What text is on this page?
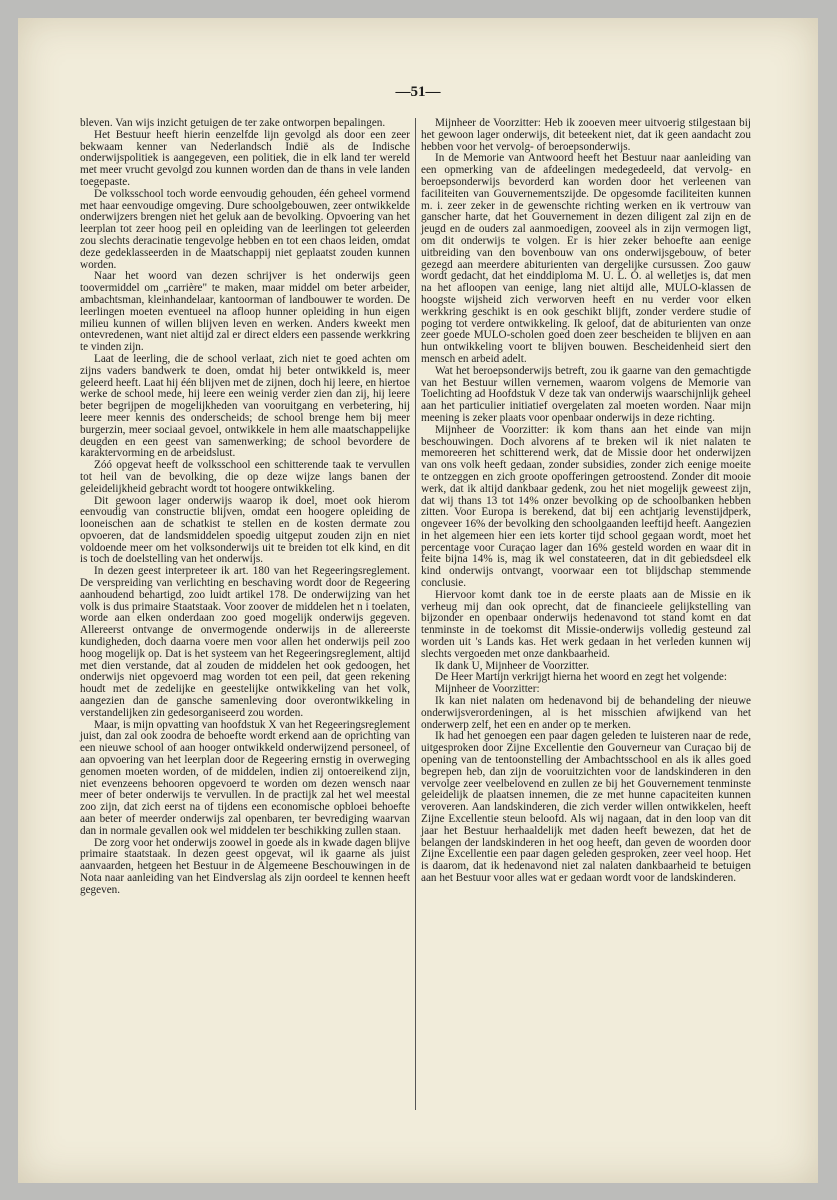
—51—

bleven. Van wijs inzicht getuigen de ter zake ontworpen bepalingen.

Het Bestuur heeft hierin eenzelfde lijn gevolgd als door een zeer bekwaam kenner van Nederlandsch Indië als de Indische onderwijspolitiek is aangegeven, een politiek, die in elk land ter wereld met meer vrucht gevolgd zou kunnen worden dan de thans in vele landen toegepaste.

De volksschool toch worde eenvoudig gehouden, één geheel vormend met haar eenvoudige omgeving. Dure schoolgebouwen, zeer ontwikkelde onderwijzers brengen niet het geluk aan de bevolking. Opvoering van het leerplan tot zeer hoog peil en opleiding van de leerlingen tot geleerden zou slechts deracinatie tengevolge hebben en tot een chaos leiden, omdat deze gedeklasseerden in de Maatschappij niet geplaatst zouden kunnen worden.

Naar het woord van dezen schrijver is het onderwijs geen toovermiddel om „carrière" te maken, maar middel om beter arbeider, ambachtsman, kleinhandelaar, kantoorman of landbouwer te worden. De leerlingen moeten eventueel na afloop hunner opleiding in hun eigen milieu kunnen of willen blijven leven en werken. Anders kweekt men ontevredenen, want niet altijd zal er direct elders een passende werkkring te vinden zijn.

Laat de leerling, die de school verlaat, zich niet te goed achten om zijns vaders bandwerk te doen, omdat hij beter ontwikkeld is, meer geleerd heeft. Laat hij één blijven met de zijnen, doch hij leere, en hiertoe werke de school mede, hij leere een weinig verder zien dan zij, hij leere beter begrijpen de mogelijkheden van vooruitgang en verbetering, hij leere meer kennis des onderscheids; de school brenge hem bij meer burgerzin, meer sociaal gevoel, ontwikkele in hem alle maatschappelijke deugden en een geest van samenwerking; de school bevordere de karaktervorming en de arbeidslust.

Zóó opgevat heeft de volksschool een schitterende taak te vervullen tot heil van de bevolking, die op deze wijze langs banen der geleidelijkheid gebracht wordt tot hoogere ontwikkeling.

Dit gewoon lager onderwijs waarop ik doel, moet ook hierom eenvoudig van constructie blijven, omdat een hoogere opleiding de looneischen aan de schatkist te stellen en de kosten dermate zou opvoeren, dat de landsmiddelen spoedig uitgeput zouden zijn en niet voldoende meer om het volksonderwijs uit te breiden tot elk kind, en dit is toch de doelstelling van het onderwijs.

In dezen geest interpreteer ik art. 180 van het Regeeringsreglement. De verspreiding van verlichting en beschaving wordt door de Regeering aanhoudend behartigd, zoo luidt artikel 178. De onderwijzing van het volk is dus primaire Staatstaak. Voor zoover de middelen het n i toelaten, worde aan elken onderdaan zoo goed mogelijk onderwijs gegeven. Allereerst ontvange de onvermogende onderwijs in de allereerste kundigheden, doch daarna voere men voor allen het onderwijs peil zoo hoog mogelijk op. Dat is het systeem van het Regeeringsreglement, altijd met dien verstande, dat al zouden de middelen het ook gedoogen, het onderwijs niet opgevoerd mag worden tot een peil, dat geen rekening houdt met de zedelijke en geestelijke ontwikkeling van het volk, aangezien dan de gansche samenleving door overontwikkeling in verstandelijken zin gedesorganiseerd zou worden.

Maar, is mijn opvatting van hoofdstuk X van het Regeeringsreglement juist, dan zal ook zoodra de behoefte wordt erkend aan de oprichting van een nieuwe school of aan hooger ontwikkeld onderwijzend personeel, of aan opvoering van het leerplan door de Regeering ernstig in overweging genomen moeten worden, of de middelen, indien zij ontoereikend zijn, niet evenzeens behooren opgevoerd te worden om dezen wensch naar meer of beter onderwijs te vervullen. In de practijk zal het wel meestal zoo zijn, dat zich eerst na of tijdens een economische opbloei behoefte aan beter of meerder onderwijs zal openbaren, ter bevrediging waarvan dan in normale gevallen ook wel middelen ter beschikking zullen staan.

De zorg voor het onderwijs zoowel in goede als in kwade dagen blijve primaire staatstaak. In dezen geest opgevat, wil ik gaarne als juist aanvaarden, hetgeen het Bestuur in de Algemeene Beschouwingen in de Nota naar aanleiding van het Eindverslag als zijn oordeel te kennen heeft gegeven.

Mijnheer de Voorzitter: Heb ik zooeven meer uitvoerig stilgestaan bij het gewoon lager onderwijs, dit beteekent niet, dat ik geen aandacht zou hebben voor het vervolg- of beroepsonderwijs.

In de Memorie van Antwoord heeft het Bestuur naar aanleiding van een opmerking van de afdeelingen medegedeeld, dat vervolg- en beroepsonderwijs bevorderd kan worden door het verleenen van faciliteiten van Gouvernementszijde. De opgesomde faciliteiten kunnen m. i. zeer zeker in de gewenschte richting werken en ik vertrouw van ganscher harte, dat het Gouvernement in dezen diligent zal zijn en de jeugd en de ouders zal aanmoedigen, zooveel als in zijn vermogen ligt, om dit onderwijs te volgen. Er is hier zeker behoefte aan eenige uitbreiding van den bovenbouw van ons onderwijsgebouw, of beter gezegd aan meerdere abiturienten van dergelijke cursussen. Zoo gauw wordt gedacht, dat het einddiploma M. U. L. O. al welletjes is, dat men na het afloopen van eenige, lang niet altijd alle, MULO-klassen de hoogste wijsheid zich verworven heeft en nu verder voor elken werkkring geschikt is en ook geschikt blijft, zonder verdere studie of poging tot verdere ontwikkeling. Ik geloof, dat de abiturienten van onze zeer goede MULO-scholen goed doen zeer bescheiden te blijven en aan hun ontwikkeling voort te blijven bouwen. Bescheidenheid siert den mensch en arbeid adelt.

Wat het beroepsonderwijs betreft, zou ik gaarne van den gemachtigde van het Bestuur willen vernemen, waarom volgens de Memorie van Toelichting ad Hoofdstuk V deze tak van onderwijs waarschijnlijk geheel aan het particulier initiatief overgelaten zal moeten worden. Naar mijn meening is zeker plaats voor openbaar onderwijs in deze richting.

Mijnheer de Voorzitter: ik kom thans aan het einde van mijn beschouwingen. Doch alvorens af te breken wil ik niet nalaten te memoreeren het schitterend werk, dat de Missie door het onderwijzen van ons volk heeft gedaan, zonder subsidies, zonder zich eenige moeite te ontzeggen en zich groote opofferingen getroostend. Zonder dit mooie werk, dat ik altijd dankbaar gedenk, zou het niet mogelijk geweest zijn, dat wij thans 13 tot 14% onzer bevolking op de schoolbanken hebben zitten. Voor Europa is berekend, dat bij een achtjarig levenstijdperk, ongeveer 16% der bevolking den schoolgaanden leeftijd heeft. Aangezien in het algemeen hier een iets korter tijd school gegaan wordt, moet het percentage voor Curaçao lager dan 16% gesteld worden en waar dit in feite bijna 14% is, mag ik wel constateeren, dat in dit gebiedsdeel elk kind onderwijs ontvangt, voorwaar een tot blijdschap stemmende conclusie.

Hiervoor komt dank toe in de eerste plaats aan de Missie en ik verheug mij dan ook oprecht, dat de financieele gelijkstelling van bijzonder en openbaar onderwijs hedenavond tot stand komt en dat tenminste in de toekomst dit Missie-onderwijs volledig gesteund zal worden uit 's Lands kas. Het werk gedaan in het verleden kunnen wij slechts vergoeden met onze dankbaarheid.

Ik dank U, Mijnheer de Voorzitter.

De Heer Martijn verkrijgt hierna het woord en zegt het volgende:

Mijnheer de Voorzitter:

Ik kan niet nalaten om hedenavond bij de behandeling der nieuwe onderwijsverordeningen, al is het misschien afwijkend van het onderwerp zelf, het een en ander op te merken.

Ik had het genoegen een paar dagen geleden te luisteren naar de rede, uitgesproken door Zijne Excellentie den Gouverneur van Curaçao bij de opening van de tentoonstelling der Ambachtsschool en als ik alles goed begrepen heb, dan zijn de vooruitzichten voor de landskinderen in den vervolge zeer veelbelovend en zullen ze bij het Gouvernement tenminste geleidelijk de plaatsen innemen, die ze met hunne capaciteiten kunnen veroveren. Aan landskinderen, die zich verder willen ontwikkelen, heeft Zijne Excellentie steun beloofd. Als wij nagaan, dat in den loop van dit jaar het Bestuur herhaaldelijk met daden heeft bewezen, dat het de belangen der landskinderen in het oog heeft, dan geven de woorden door Zijne Excellentie een paar dagen geleden gesproken, zeer veel hoop. Het is daarom, dat ik hedenavond niet zal nalaten dankbaarheid te betuigen aan het Bestuur voor alles wat er gedaan wordt voor de landskinderen.
